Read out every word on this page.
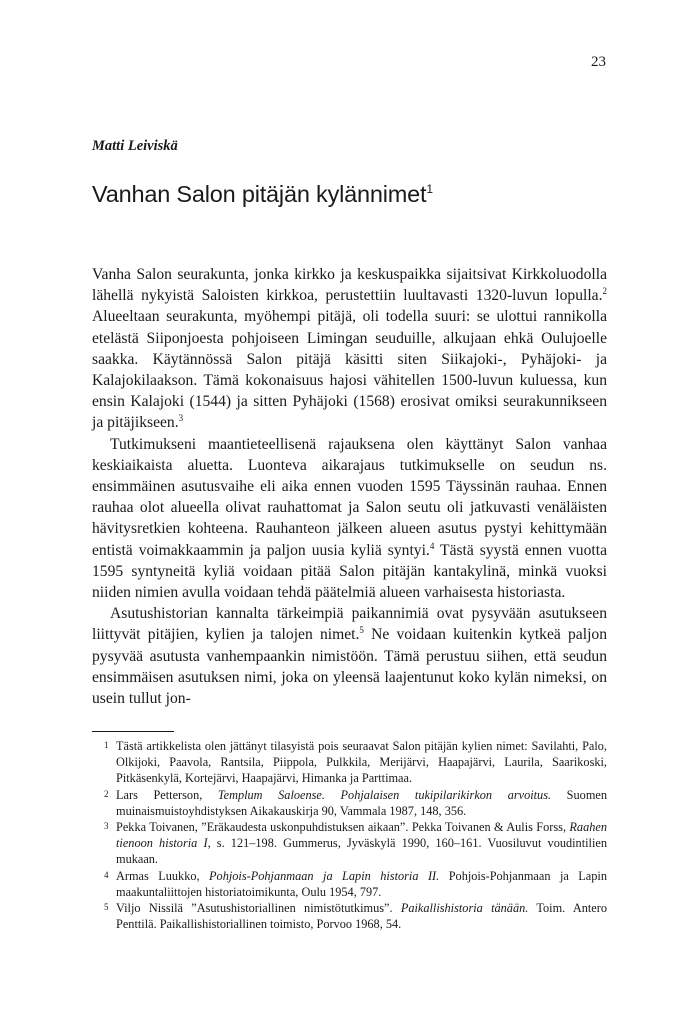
23
Matti Leiviskä
Vanhan Salon pitäjän kylännimet$^1$

Vanha Salon seurakunta, jonka kirkko ja keskuspaikka sijaitsivat Kirkkoluodolla lähellä nykyistä Saloisten kirkkoa, perustettiin luultavasti 1320-luvun lopulla.$^2$ Alueeltaan seurakunta, myöhempi pitäjä, oli todella suuri: se ulottui rannikolla etelästä Siiponjoesta pohjoiseen Limingan seuduille, alkujaan ehkä Oulujoelle saakka. Käytännössä Salon pitäjä käsitti siten Siikajoki-, Pyhäjoki- ja Kalajokilaakson. Tämä kokonaisuus hajosi vähitellen 1500-luvun kuluessa, kun ensin Kalajoki (1544) ja sitten Pyhäjoki (1568) erosivat omiksi seurakunnikseen ja pitäjikseen.$^3$

Tutkimukseni maantieteellisenä rajauksena olen käyttänyt Salon vanhaa keskiaikaista aluetta. Luonteva aikarajaus tutkimukselle on seudun ns. ensimmäinen asutusvaihe eli aika ennen vuoden 1595 Täyssinän rauhaa. Ennen rauhaa olot alueella olivat rauhattomat ja Salon seutu oli jatkuvasti venäläisten hävitysretkien kohteena. Rauhanteon jälkeen alueen asutus pystyi kehittymään entistä voimakkaammin ja paljon uusia kyliä syntyi.$^4$ Tästä syystä ennen vuotta 1595 syntyneitä kyliä voidaan pitää Salon pitäjän kantakylinä, minkä vuoksi niiden nimien avulla voidaan tehdä päätelmiä alueen varhaisesta historiasta.

Asutushistorian kannalta tärkeimpiä paikannimiä ovat pysyvään asutukseen liittyvät pitäjien, kylien ja talojen nimet.$^5$ Ne voidaan kuitenkin kytkeä paljon pysyvää asutusta vanhempaankin nimistöön. Tämä perustuu siihen, että seudun ensimmäisen asutuksen nimi, joka on yleensä laajentunut koko kylän nimeksi, on usein tullut jon-

1 Tästä artikkelista olen jättänyt tilasyistä pois seuraavat Salon pitäjän kylien nimet: Savilahti, Palo, Olkijoki, Paavola, Rantsila, Piippola, Pulkkila, Merijärvi, Haapajärvi, Laurila, Saarikoski, Pitkäsenkylä, Kortejärvi, Haapajärvi, Himanka ja Parttimaa.
2 Lars Petterson, Templum Saloense. Pohjalaisen tukipilarikirkon arvoitus. Suomen muinaismuistoyhdistyksen Aikakauskirja 90, Vammala 1987, 148, 356.
3 Pekka Toivanen, ”Eräkaudesta uskonpuhdistuksen aikaan”. Pekka Toivanen & Aulis Forss, Raahen tienoon historia I, s. 121–198. Gummerus, Jyväskylä 1990, 160–161. Vuosiluvut voudintilien mukaan.
4 Armas Luukko, Pohjois-Pohjanmaan ja Lapin historia II. Pohjois-Pohjanmaan ja Lapin maakuntaliittojen historiatoimikunta, Oulu 1954, 797.
5 Viljo Nissilä ”Asutushistoriallinen nimistötutkimus”. Paikallishistoria tänään. Toim. Antero Penttilä. Paikallishistoriallinen toimisto, Porvoo 1968, 54.
